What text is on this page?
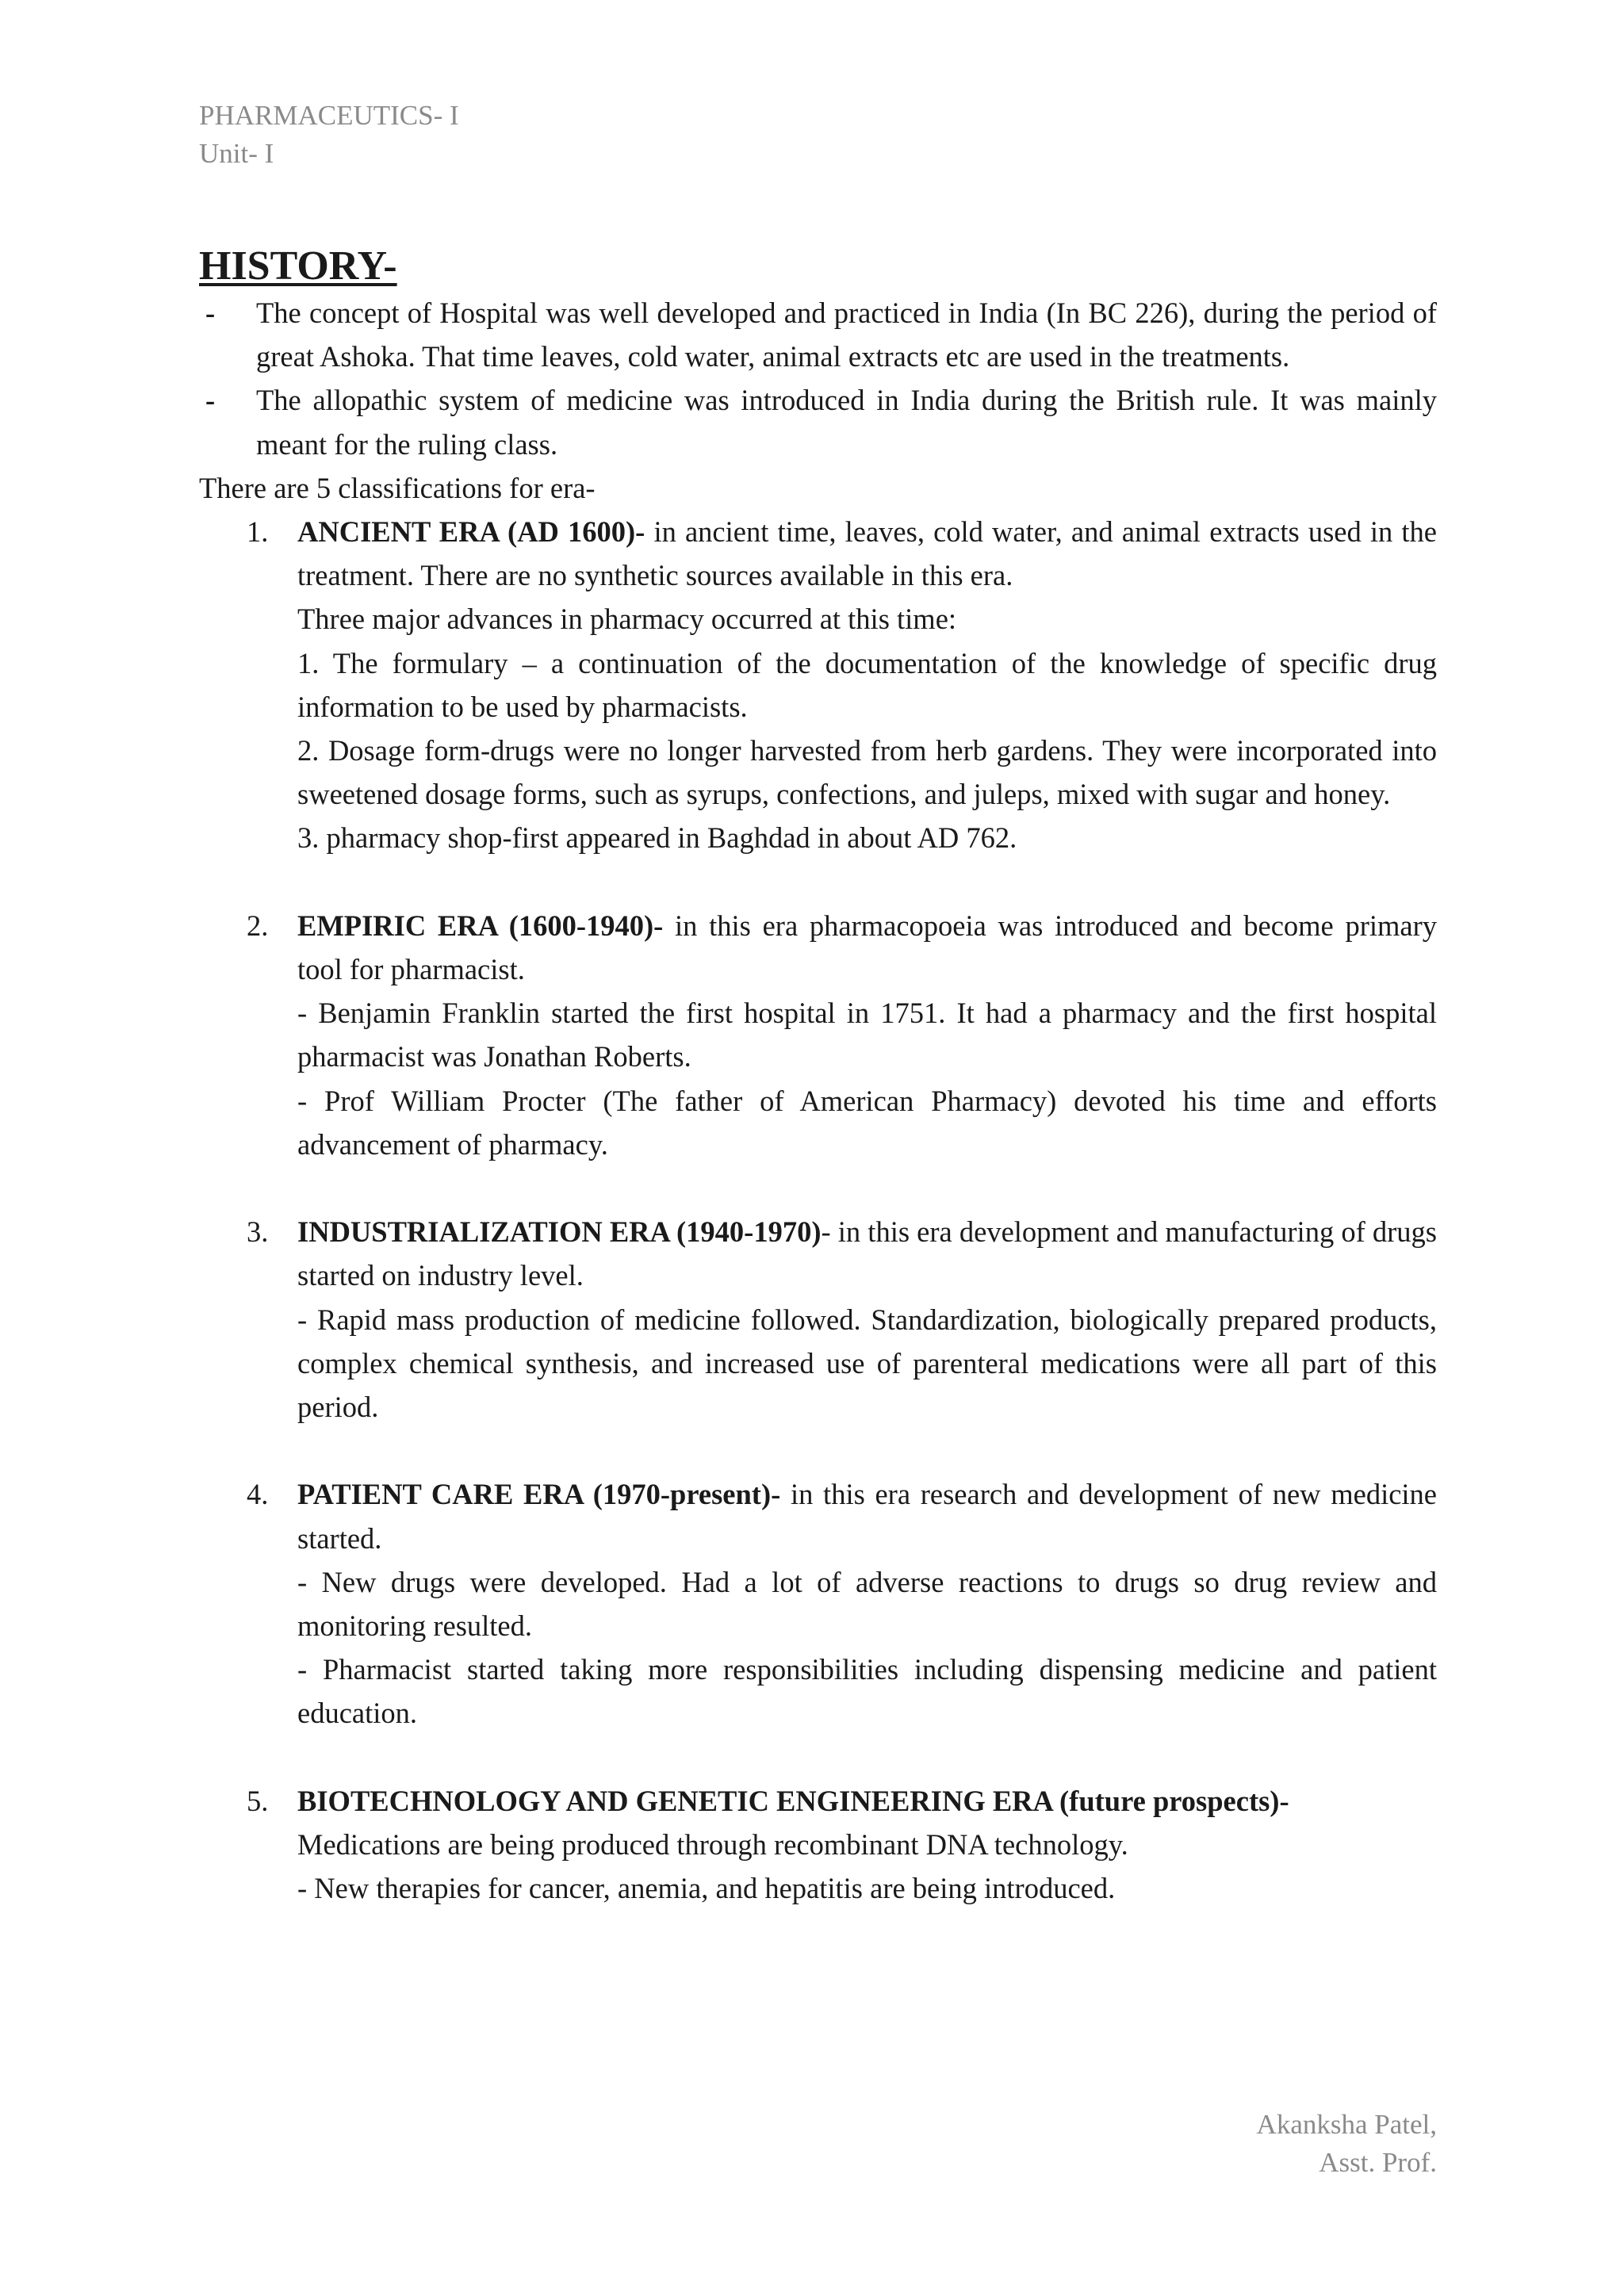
PHARMACEUTICS- I
Unit- I
HISTORY-
- The concept of Hospital was well developed and practiced in India (In BC 226), during the period of great Ashoka. That time leaves, cold water, animal extracts etc are used in the treatments.
- The allopathic system of medicine was introduced in India during the British rule. It was mainly meant for the ruling class.

There are 5 classifications for era-

1. ANCIENT ERA (AD 1600)- in ancient time, leaves, cold water, and animal extracts used in the treatment. There are no synthetic sources available in this era.

Three major advances in pharmacy occurred at this time:

1. The formulary – a continuation of the documentation of the knowledge of specific drug information to be used by pharmacists.

2. Dosage form-drugs were no longer harvested from herb gardens. They were incorporated into sweetened dosage forms, such as syrups, confections, and juleps, mixed with sugar and honey.

3. pharmacy shop-first appeared in Baghdad in about AD 762.

2. EMPIRIC ERA (1600-1940)- in this era pharmacopoeia was introduced and become primary tool for pharmacist.

- Benjamin Franklin started the first hospital in 1751. It had a pharmacy and the first hospital pharmacist was Jonathan Roberts.

- Prof William Procter (The father of American Pharmacy) devoted his time and efforts advancement of pharmacy.

3. INDUSTRIALIZATION ERA (1940-1970)- in this era development and manufacturing of drugs started on industry level.

- Rapid mass production of medicine followed. Standardization, biologically prepared products, complex chemical synthesis, and increased use of parenteral medications were all part of this period.

4. PATIENT CARE ERA (1970-present)- in this era research and development of new medicine started.

- New drugs were developed. Had a lot of adverse reactions to drugs so drug review and monitoring resulted.

- Pharmacist started taking more responsibilities including dispensing medicine and patient education.

5. BIOTECHNOLOGY AND GENETIC ENGINEERING ERA (future prospects)-

Medications are being produced through recombinant DNA technology.

- New therapies for cancer, anemia, and hepatitis are being introduced.

Akanksha Patel,
Asst. Prof.
